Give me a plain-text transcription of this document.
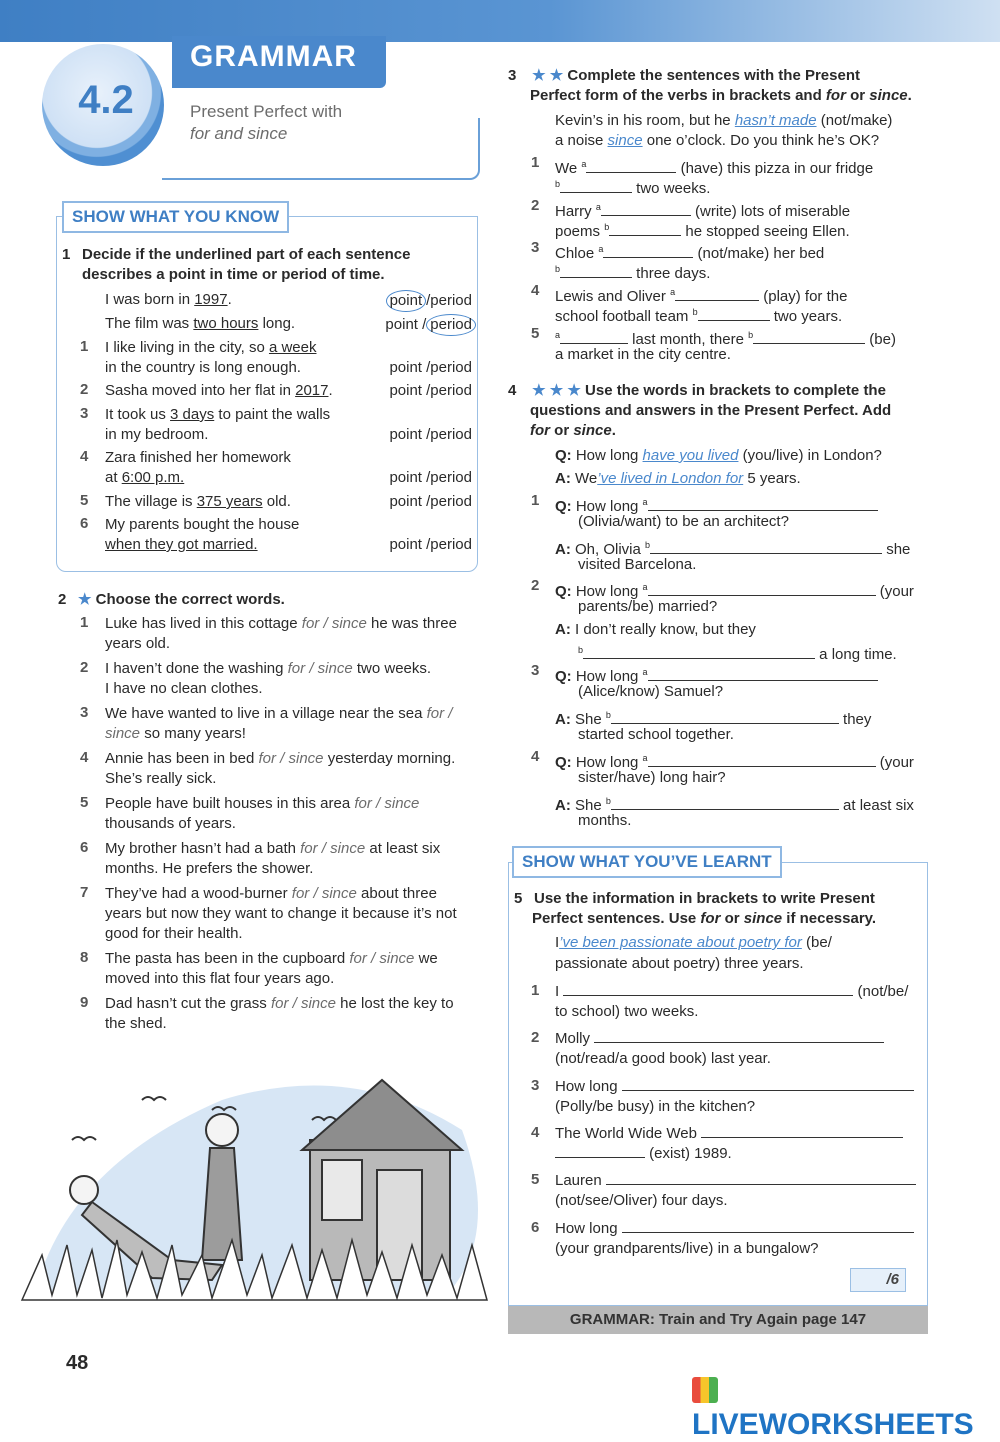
4.2
GRAMMAR
Present Perfect with
for and since
SHOW WHAT YOU KNOW
1 Decide if the underlined part of each sentence
describes a point in time or period of time.
I was born in 1997.	point /period
The film was two hours long.	point / period
1 I like living in the city, so a week
in the country is long enough.	point /period
2 Sasha moved into her flat in 2017.	point /period
3 It took us 3 days to paint the walls
in my bedroom.	point /period
4 Zara finished her homework
at 6:00 p.m.	point /period
5 The village is 375 years old.	point /period
6 My parents bought the house
when they got married.	point /period
2 ★ Choose the correct words.
1 Luke has lived in this cottage for / since he was three
years old.
2 I haven’t done the washing for / since two weeks.
I have no clean clothes.
3 We have wanted to live in a village near the sea for /
since so many years!
4 Annie has been in bed for / since yesterday morning.
She’s really sick.
5 People have built houses in this area for / since
thousands of years.
6 My brother hasn’t had a bath for / since at least six
months. He prefers the shower.
7 They’ve had a wood-burner for / since about three
years but now they want to change it because it’s not
good for their health.
8 The pasta has been in the cupboard for / since we
moved into this flat four years ago.
9 Dad hasn’t cut the grass for / since he lost the key to
the shed.
3 ★ ★ Complete the sentences with the Present
Perfect form of the verbs in brackets and for or since.
Kevin’s in his room, but he hasn’t made (not/make)
a noise since one o’clock. Do you think he’s OK?
1 We $^a$	(have) this pizza in our fridge
$^b$	two weeks.
2 Harry $^a$	(write) lots of miserable
poems $^b$	he stopped seeing Ellen.
3 Chloe $^a$	(not/make) her bed
$^b$	three days.
4 Lewis and Oliver $^a$	(play) for the
school football team $^b$	two years.
5 $^a$	last month, there $^b$	(be)
a market in the city centre.
4 ★ ★ ★ Use the words in brackets to complete the
questions and answers in the Present Perfect. Add
for or since.
Q: How long have you lived (you/live) in London?
A: We’ve lived in London for 5 years.
1 Q: How long $^a$
(Olivia/want) to be an architect?
A: Oh, Olivia $^b$	she
visited Barcelona.
2 Q: How long $^a$	(your
parents/be) married?
A: I don’t really know, but they
$^b$	a long time.
3 Q: How long $^a$
(Alice/know) Samuel?
A: She $^b$	they
started school together.
4 Q: How long $^a$	(your
sister/have) long hair?
A: She $^b$	at least six
months.
SHOW WHAT YOU’VE LEARNT
5 Use the information in brackets to write Present
Perfect sentences. Use for or since if necessary.
I’ve been passionate about poetry for (be/
passionate about poetry) three years.
1 I	(not/be/
to school) two weeks.
2 Molly
(not/read/a good book) last year.
3 How long
(Polly/be busy) in the kitchen?
4 The World Wide Web
(exist) 1989.
5 Lauren
(not/see/Oliver) four days.
6 How long
(your grandparents/live) in a bungalow?
/6
GRAMMAR: Train and Try Again page 147
48
LIVEWORKSHEETS
